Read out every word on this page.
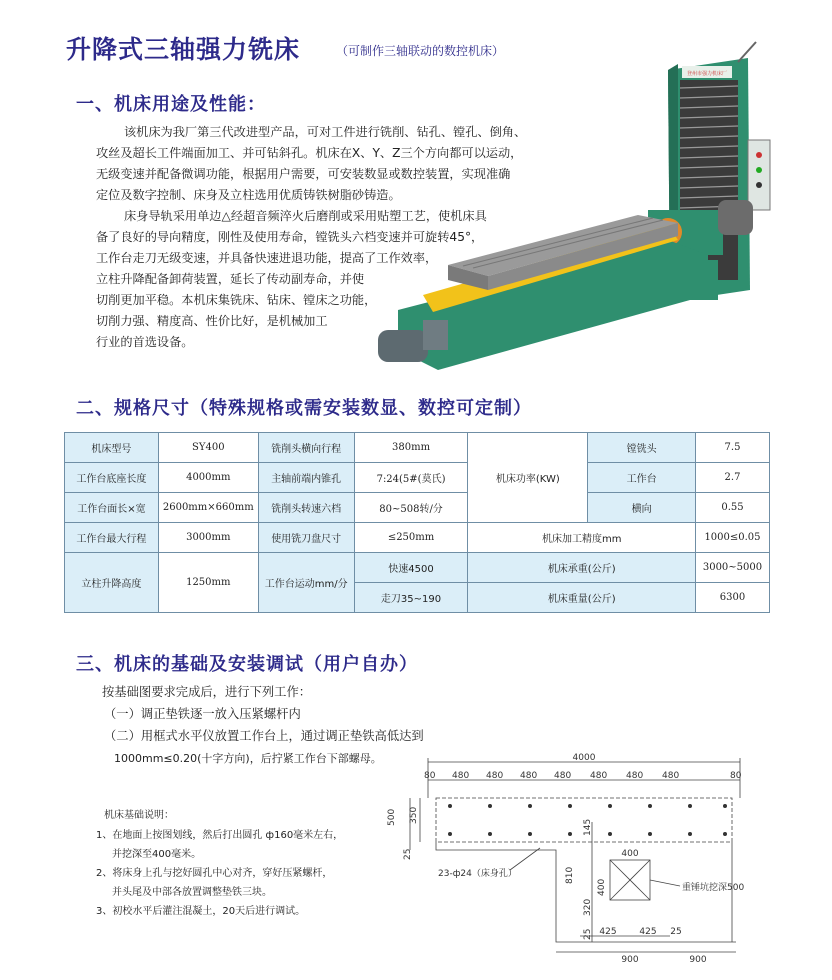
升降式三轴强力铣床	（可制作三轴联动的数控机床）
一、机床用途及性能：
该机床为我厂第三代改进型产品，可对工件进行铣削、钻孔、镗孔、倒角、
攻丝及超长工件端面加工、并可钻斜孔。机床在X、Y、Z三个方向都可以运动，
无级变速并配备微调功能，根据用户需要，可安装数显或数控装置，实现准确
定位及数字控制、床身及立柱选用优质铸铁树脂砂铸造。
床身导轨采用单边△经超音频淬火后磨削或采用贴塑工艺，使机床具
备了良好的导向精度，刚性及使用寿命，镗铣头六档变速并可旋转45°，
工作台走刀无级变速，并具备快速进退功能，提高了工作效率，
立柱升降配备卸荷装置，延长了传动副寿命，并使
切削更加平稳。本机床集铣床、钻床、镗床之功能，
切削力强、精度高、性价比好，是机械加工
行业的首选设备。
登州市强力机床厂
二、规格尺寸（特殊规格或需安装数显、数控可定制）
机床型号	SY400	铣削头横向行程	380mm	机床功率(KW)	镗铣头	7.5
工作台底座长度	4000mm	主轴前端内锥孔	7:24(5#(莫氏)		工作台	2.7
工作台面长×宽	2600mm×660mm	铣削头转速六档	80~508转/分		横向	0.55
工作台最大行程	3000mm	使用铣刀盘尺寸	≤250mm	机床加工精度mm		1000≤0.05
立柱升降高度	1250mm	工作台运动mm/分	快速4500	机床承重(公斤)		3000~5000
			走刀35~190	机床重量(公斤)		6300
三、机床的基础及安装调试（用户自办）
按基础图要求完成后，进行下列工作：
（一）调正垫铁逐一放入压紧螺杆内
（二）用框式水平仪放置工作台上，通过调正垫铁高低达到
1000mm≤0.20(十字方向)，后拧紧工作台下部螺母。
机床基础说明：
1、在地面上按图划线，然后打出圆孔 ф160毫米左右，
并挖深至400毫米。
2、将床身上孔与挖好圆孔中心对齐，穿好压紧螺杆，
并头尾及中部各放置调整垫铁三块。
3、初校水平后灌注混凝土，20天后进行调试。
4000
80 480 480 480 480 480 480 480	80
500 350
145
25
810
320
25
23-ф24（床身孔）
400
400	重锤坑挖深500
425	425 25
900	900
